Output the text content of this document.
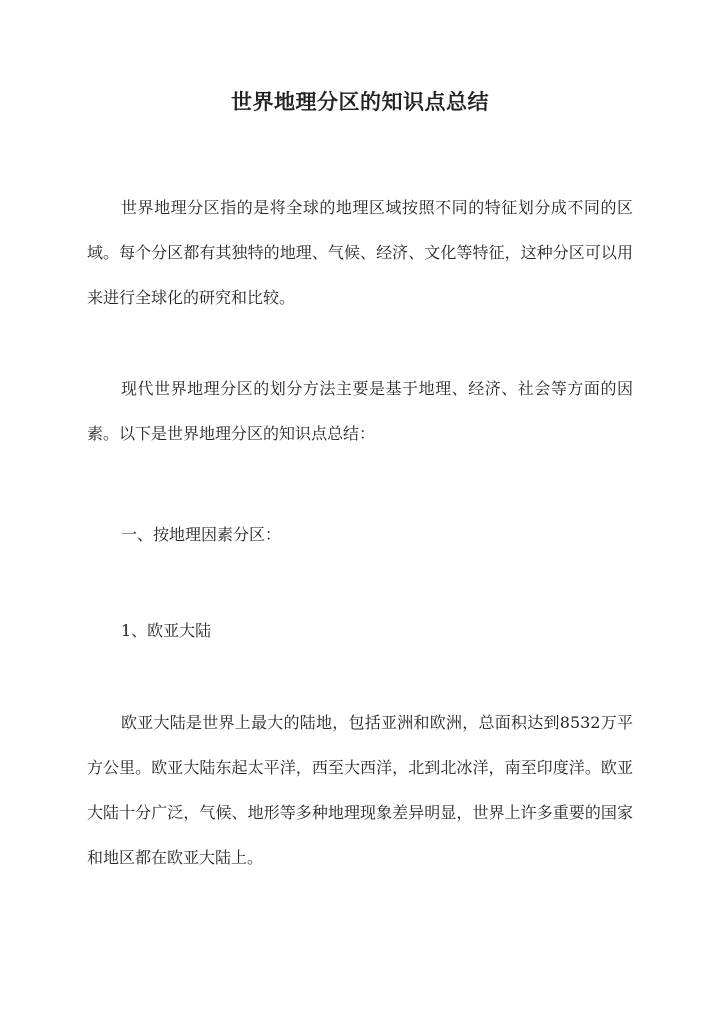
世界地理分区的知识点总结

世界地理分区指的是将全球的地理区域按照不同的特征划分成不同的区域。每个分区都有其独特的地理、气候、经济、文化等特征，这种分区可以用来进行全球化的研究和比较。

现代世界地理分区的划分方法主要是基于地理、经济、社会等方面的因素。以下是世界地理分区的知识点总结：

一、按地理因素分区：

1、欧亚大陆

欧亚大陆是世界上最大的陆地，包括亚洲和欧洲，总面积达到8532万平方公里。欧亚大陆东起太平洋，西至大西洋，北到北冰洋，南至印度洋。欧亚大陆十分广泛，气候、地形等多种地理现象差异明显，世界上许多重要的国家和地区都在欧亚大陆上。
